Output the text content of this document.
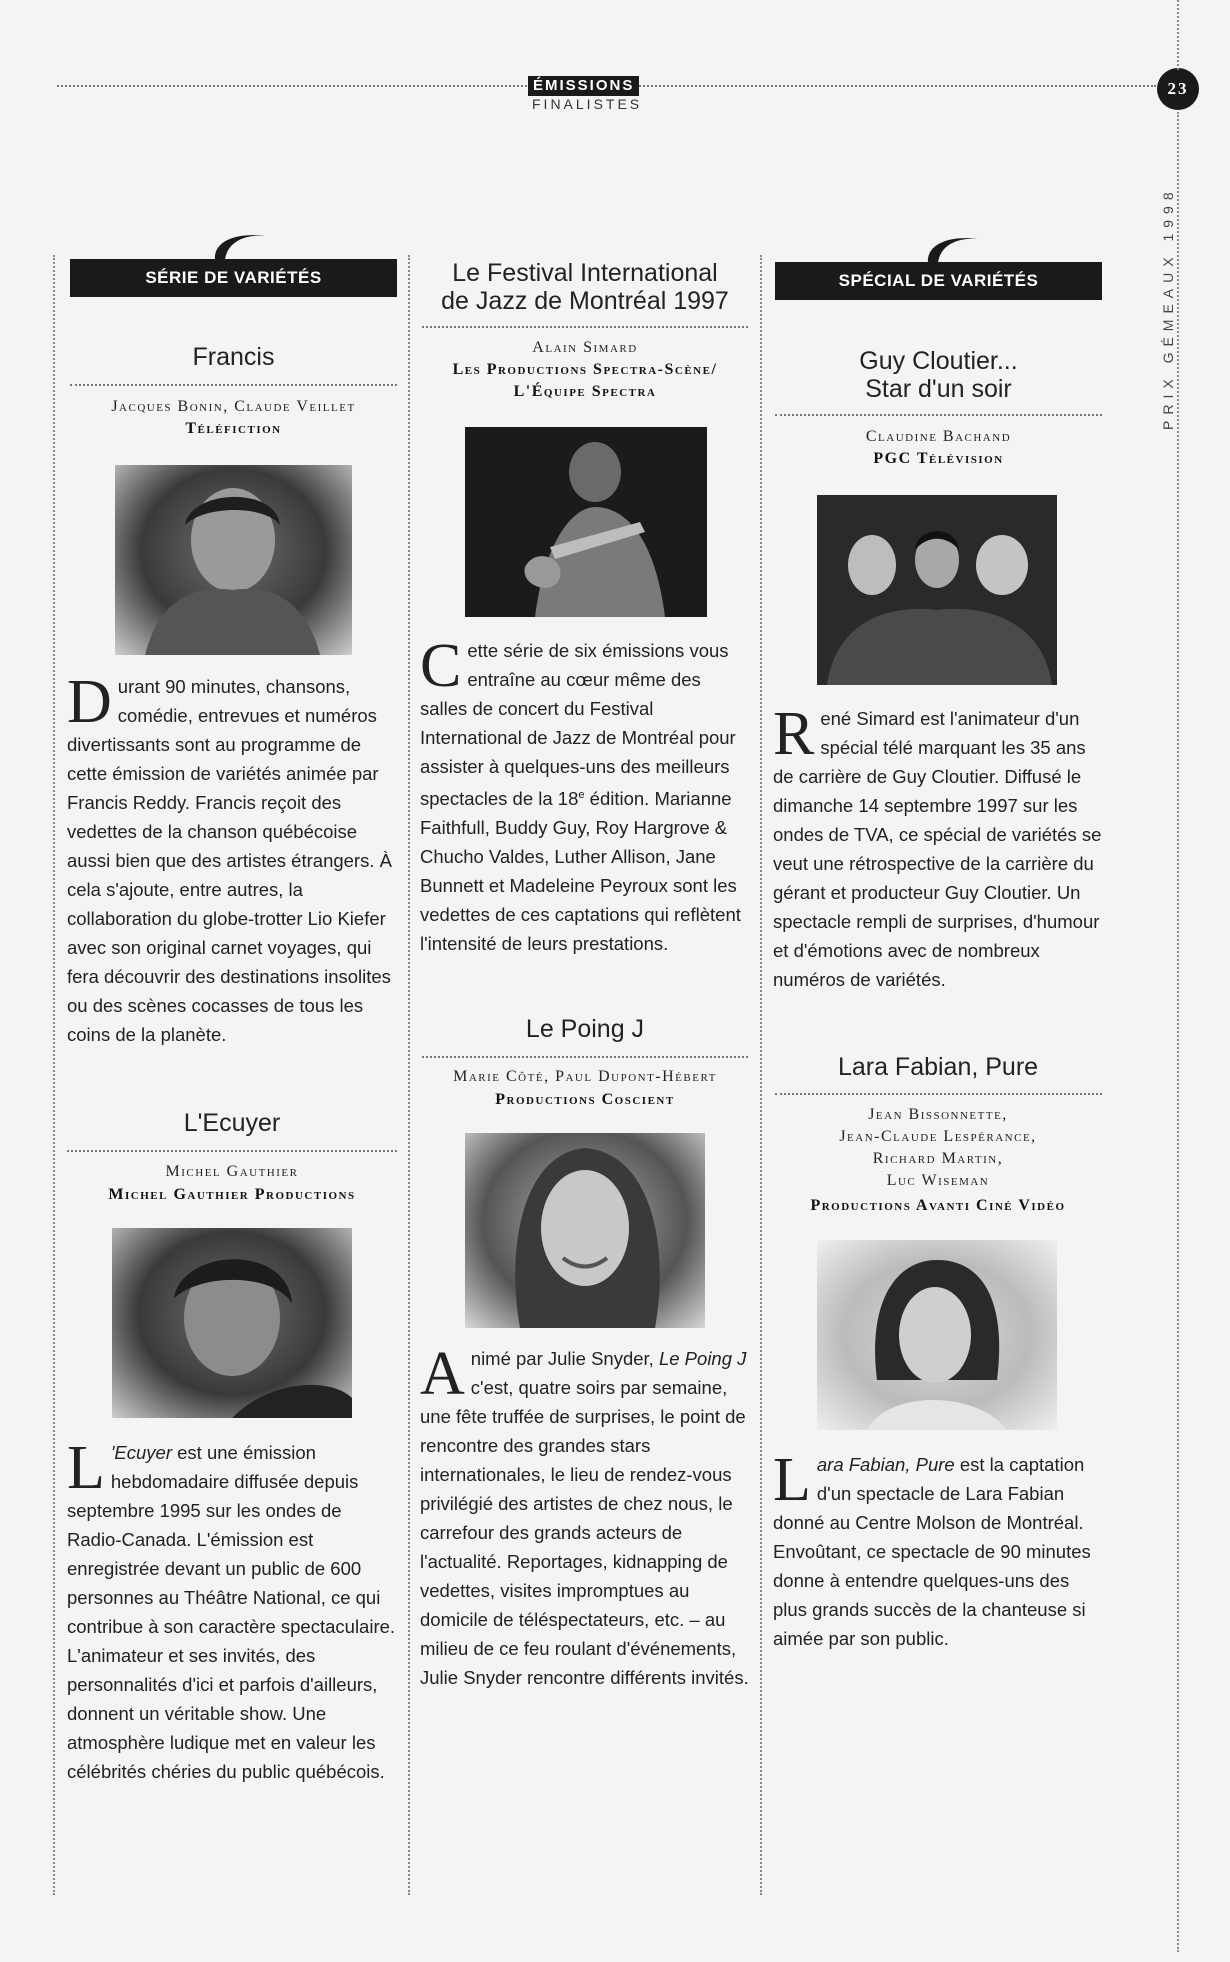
ÉMISSIONS
FINALISTES
23
PRIX GÉMEAUX 1998
SÉRIE DE VARIÉTÉS
Francis
Jacques Bonin, Claude Veillet
Téléfiction
Durant 90 minutes, chansons, comédie, entrevues et numéros divertissants sont au programme de cette émission de variétés animée par Francis Reddy. Francis reçoit des vedettes de la chanson québécoise aussi bien que des artistes étrangers. À cela s'ajoute, entre autres, la collaboration du globe-trotter Lio Kiefer avec son original carnet voyages, qui fera découvrir des destinations insolites ou des scènes cocasses de tous les coins de la planète.
L'Ecuyer
Michel Gauthier
Michel Gauthier Productions
L 'Ecuyer est une émission hebdomadaire diffusée depuis septembre 1995 sur les ondes de Radio-Canada. L'émission est enregistrée devant un public de 600 personnes au Théâtre National, ce qui contribue à son caractère spectaculaire. L'animateur et ses invités, des personnalités d'ici et parfois d'ailleurs, donnent un véritable show. Une atmosphère ludique met en valeur les célébrités chéries du public québécois.
Le Festival International
de Jazz de Montréal 1997
Alain Simard
Les Productions Spectra-Scène/
L'Équipe Spectra
Cette série de six émissions vous entraîne au cœur même des salles de concert du Festival International de Jazz de Montréal pour assister à quelques-uns des meilleurs spectacles de la 18e édition. Marianne Faithfull, Buddy Guy, Roy Hargrove & Chucho Valdes, Luther Allison, Jane Bunnett et Madeleine Peyroux sont les vedettes de ces captations qui reflètent l'intensité de leurs prestations.
Le Poing J
Marie Côté, Paul Dupont-Hébert
Productions Coscient
Animé par Julie Snyder, Le Poing J c'est, quatre soirs par semaine, une fête truffée de surprises, le point de rencontre des grandes stars internationales, le lieu de rendez-vous privilégié des artistes de chez nous, le carrefour des grands acteurs de l'actualité. Reportages, kidnapping de vedettes, visites impromptues au domicile de téléspectateurs, etc. – au milieu de ce feu roulant d'événements, Julie Snyder rencontre différents invités.
SPÉCIAL DE VARIÉTÉS
Guy Cloutier...
Star d'un soir
Claudine Bachand
PGC Télévision
René Simard est l'animateur d'un spécial télé marquant les 35 ans de carrière de Guy Cloutier. Diffusé le dimanche 14 septembre 1997 sur les ondes de TVA, ce spécial de variétés se veut une rétrospective de la carrière du gérant et producteur Guy Cloutier. Un spectacle rempli de surprises, d'humour et d'émotions avec de nombreux numéros de variétés.
Lara Fabian, Pure
Jean Bissonnette,
Jean-Claude Lespérance,
Richard Martin,
Luc Wiseman
Productions Avanti Ciné Vidéo
Lara Fabian, Pure est la captation d'un spectacle de Lara Fabian donné au Centre Molson de Montréal. Envoûtant, ce spectacle de 90 minutes donne à entendre quelques-uns des plus grands succès de la chanteuse si aimée par son public.
